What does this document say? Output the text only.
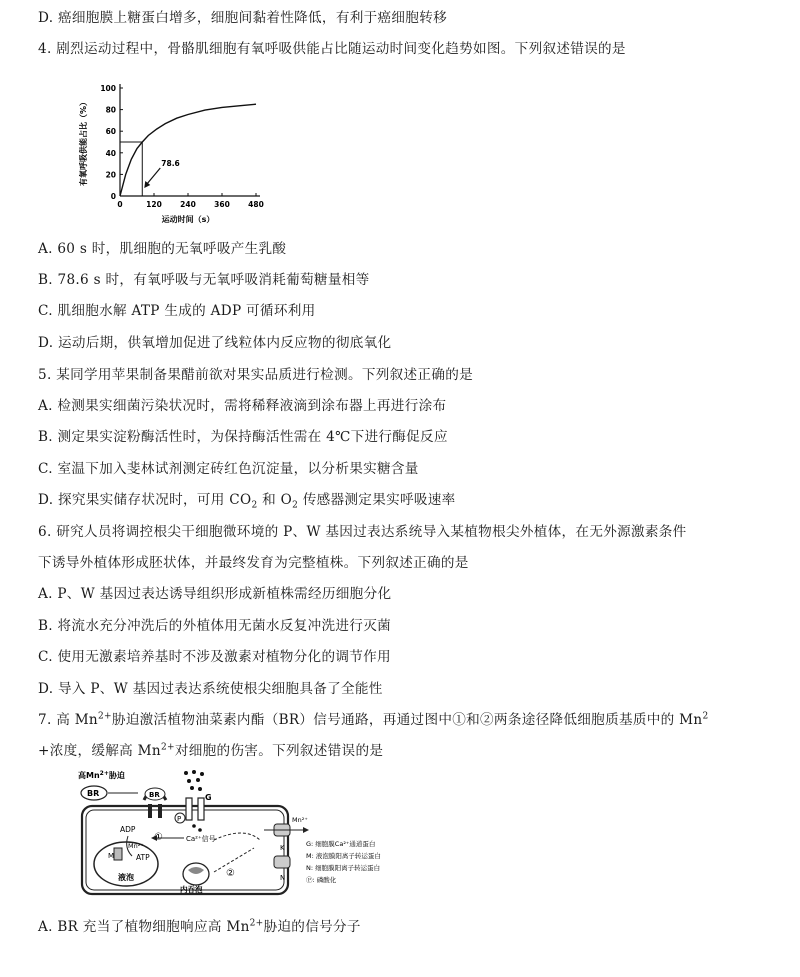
D. 癌细胞膜上糖蛋白增多，细胞间黏着性降低，有利于癌细胞转移
4. 剧烈运动过程中，骨骼肌细胞有氧呼吸供能占比随运动时间变化趋势如图。下列叙述错误的是
0
20
40
60
80
100
0	120 240 360 480
运动时间（s）
有氧呼吸供能占比（%）	78.6
A. 60 s 时，肌细胞的无氧呼吸产生乳酸
B. 78.6 s 时，有氧呼吸与无氧呼吸消耗葡萄糖量相等
C. 肌细胞水解 ATP 生成的 ADP 可循环利用
D. 运动后期，供氧增加促进了线粒体内反应物的彻底氧化
5. 某同学用苹果制备果醋前欲对果实品质进行检测。下列叙述正确的是
A. 检测果实细菌污染状况时，需将稀释液滴到涂布器上再进行涂布
B. 测定果实淀粉酶活性时，为保持酶活性需在 4℃下进行酶促反应
C. 室温下加入斐林试剂测定砖红色沉淀量，以分析果实糖含量
D. 探究果实储存状况时，可用 $CO_2$ 和 $O_2$ 传感器测定果实呼吸速率
6. 研究人员将调控根尖干细胞微环境的 P、W 基因过表达系统导入某植物根尖外植体，在无外源激素条件
下诱导外植体形成胚状体，并最终发育为完整植株。下列叙述正确的是
A. P、W 基因过表达诱导组织形成新植株需经历细胞分化
B. 将流水充分冲洗后的外植体用无菌水反复冲洗进行灭菌
C. 使用无激素培养基时不涉及激素对植物分化的调节作用
D. 导入 P、W 基因过表达系统使根尖细胞具备了全能性
7. 高 $Mn^{2+}$胁迫激活植物油菜素内酯（BR）信号通路，再通过图中①和②两条途径降低细胞质基质中的 $Mn^2$
+浓度，缓解高 $Mn^{2+}$对细胞的伤害。下列叙述错误的是
高$Mn^{2+}$胁迫
BR	BR	G
P
Ca²⁺信号
①
ADP
ATP
液泡
M
Mn²⁺
内吞泡
②
K
N
Mn²⁺
G: 细胞膜Ca²⁺通道蛋白
M: 液泡膜阳离子转运蛋白
N: 细胞膜阳离子转运蛋白
Ⓟ: 磷酸化
A. BR 充当了植物细胞响应高 $Mn^{2+}$胁迫的信号分子
